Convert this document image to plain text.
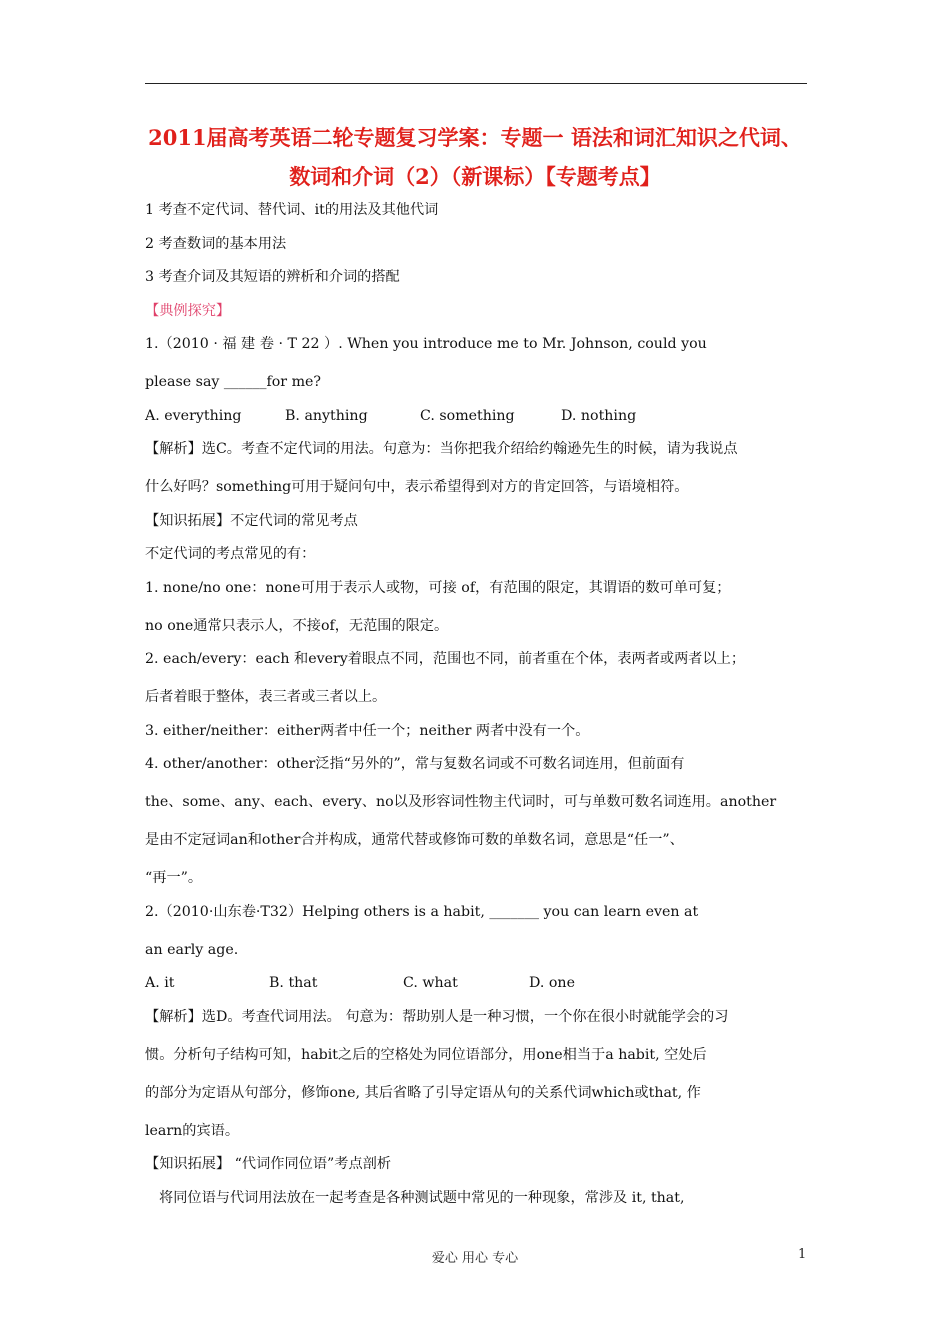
2011届高考英语二轮专题复习学案：专题一 语法和词汇知识之代词、
数词和介词（2）（新课标）【专题考点】
1 考查不定代词、替代词、it的用法及其他代词
2 考查数词的基本用法
3 考查介词及其短语的辨析和介词的搭配
【典例探究】
1.（2010 · 福 建 卷 · T 22 ）. When you introduce me to Mr. Johnson, could you
please say ______for me?
A. everything	B. anything	C. something	D. nothing
【解析】选C。考查不定代词的用法。句意为：当你把我介绍给约翰逊先生的时候，请为我说点
什么好吗？something可用于疑问句中，表示希望得到对方的肯定回答，与语境相符。
【知识拓展】不定代词的常见考点
不定代词的考点常见的有：
1. none/no one：none可用于表示人或物，可接 of，有范围的限定，其谓语的数可单可复；
no one通常只表示人，不接of，无范围的限定。
2. each/every：each 和every着眼点不同，范围也不同，前者重在个体，表两者或两者以上；
后者着眼于整体，表三者或三者以上。
3. either/neither：either两者中任一个；neither 两者中没有一个。
4. other/another：other泛指“另外的”，常与复数名词或不可数名词连用，但前面有
the、some、any、each、every、no以及形容词性物主代词时，可与单数可数名词连用。another
是由不定冠词an和other合并构成，通常代替或修饰可数的单数名词，意思是“任一”、
“再一”。
2.（2010·山东卷·T32）Helping others is a habit, _______ you can learn even at
an early age.
A. it	B. that	C. what	D. one
【解析】选D。考查代词用法。 句意为：帮助别人是一种习惯，一个你在很小时就能学会的习
惯。分析句子结构可知，habit之后的空格处为同位语部分，用one相当于a habit, 空处后
的部分为定语从句部分，修饰one, 其后省略了引导定语从句的关系代词which或that, 作
learn的宾语。
【知识拓展】 “代词作同位语”考点剖析
将同位语与代词用法放在一起考查是各种测试题中常见的一种现象，常涉及 it, that,
爱心 用心 专心	1
